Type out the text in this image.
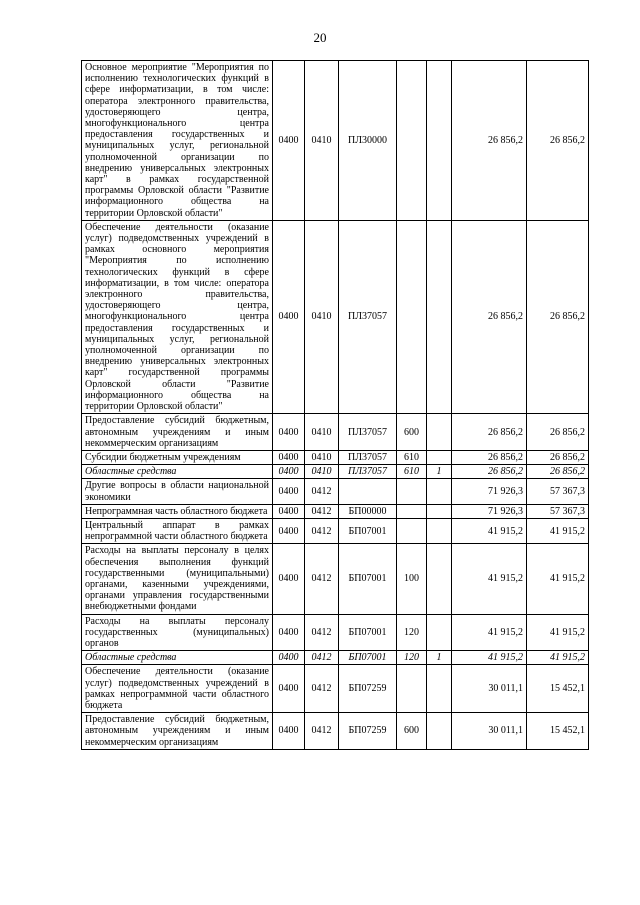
20
Основное мероприятие "Мероприятия по исполнению технологических функций в сфере информатизации, в том числе: оператора электронного правительства, удостоверяющего центра, многофункционального центра предоставления государственных и муниципальных услуг, региональной уполномоченной организации по внедрению универсальных электронных карт" в рамках государственной программы Орловской области "Развитие информационного общества на территории Орловской области"	0400	0410	ПЛ30000			26 856,2	26 856,2
Обеспечение деятельности (оказание услуг) подведомственных учреждений в рамках основного мероприятия "Мероприятия по исполнению технологических функций в сфере информатизации, в том числе: оператора электронного правительства, удостоверяющего центра, многофункционального центра предоставления государственных и муниципальных услуг, региональной уполномоченной организации по внедрению универсальных электронных карт" государственной программы Орловской области "Развитие информационного общества на территории Орловской области"	0400	0410	ПЛ37057			26 856,2	26 856,2
Предоставление субсидий бюджетным, автономным учреждениям и иным некоммерческим организациям	0400	0410	ПЛ37057	600		26 856,2	26 856,2
Субсидии бюджетным учреждениям	0400	0410	ПЛ37057	610		26 856,2	26 856,2
Областные средства	0400	0410	ПЛ37057	610	1	26 856,2	26 856,2
Другие вопросы в области национальной экономики	0400	0412				71 926,3	57 367,3
Непрограммная часть областного бюджета	0400	0412	БП00000			71 926,3	57 367,3
Центральный аппарат в рамках непрограммной части областного бюджета	0400	0412	БП07001			41 915,2	41 915,2
Расходы на выплаты персоналу в целях обеспечения выполнения функций государственными (муниципальными) органами, казенными учреждениями, органами управления государственными внебюджетными фондами	0400	0412	БП07001	100		41 915,2	41 915,2
Расходы на выплаты персоналу государственных (муниципальных) органов	0400	0412	БП07001	120		41 915,2	41 915,2
Областные средства	0400	0412	БП07001	120	1	41 915,2	41 915,2
Обеспечение деятельности (оказание услуг) подведомственных учреждений в рамках непрограммной части областного бюджета	0400	0412	БП07259			30 011,1	15 452,1
Предоставление субсидий бюджетным, автономным учреждениям и иным некоммерческим организациям	0400	0412	БП07259	600		30 011,1	15 452,1
